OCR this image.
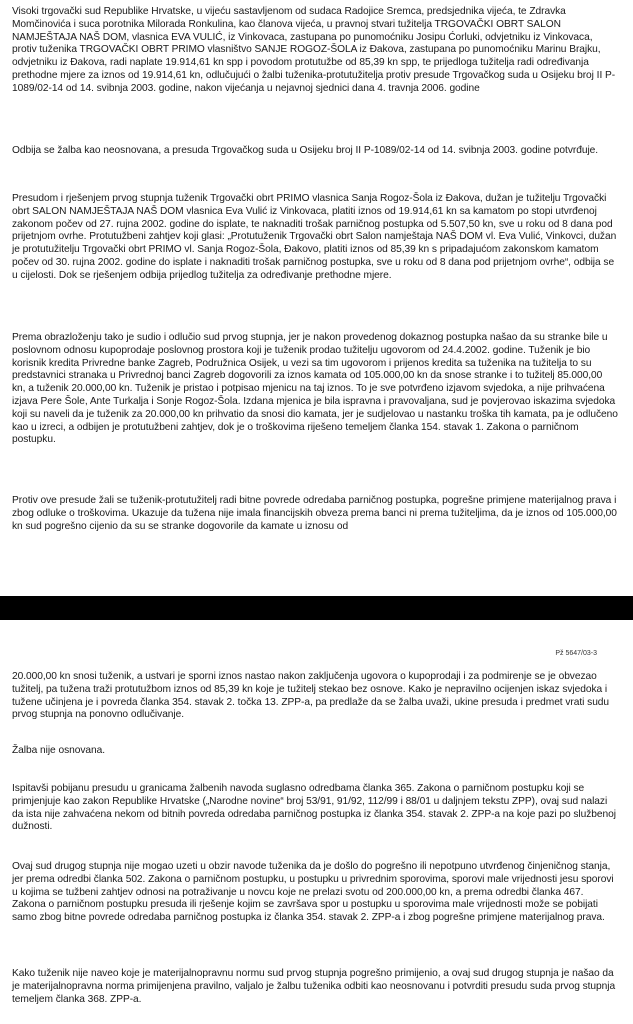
Visoki trgovački sud Republike Hrvatske, u vijeću sastavljenom od sudaca Radojice Sremca, predsjednika vijeća, te Zdravka Momčinovića i suca porotnika Milorada Ronkulina, kao članova vijeća, u pravnoj stvari tužitelja TRGOVAČKI OBRT SALON NAMJEŠTAJA NAŠ DOM, vlasnica EVA VULIĆ, iz Vinkovaca, zastupana po punomoćniku Josipu Ćorluki, odvjetniku iz Vinkovaca, protiv tuženika TRGOVAČKI OBRT PRIMO vlasništvo SANJE ROGOZ-ŠOLA iz Đakova, zastupana po punomoćniku Marinu Brajku, odvjetniku iz Đakova, radi naplate 19.914,61 kn spp i povodom protutužbe od 85,39 kn spp, te prijedloga tužitelja radi određivanja prethodne mjere za iznos od 19.914,61 kn, odlučujući o žalbi tuženika-protutužitelja protiv presude Trgovačkog suda u Osijeku broj II P-1089/02-14 od 14. svibnja 2003. godine, nakon vijećanja u nejavnoj sjednici dana 4. travnja 2006. godine

Odbija se žalba kao neosnovana, a presuda Trgovačkog suda u Osijeku broj II P-1089/02-14 od 14. svibnja 2003. godine potvrđuje.

Presudom i rješenjem prvog stupnja tuženik Trgovački obrt PRIMO vlasnica Sanja Rogoz-Šola iz Đakova, dužan je tužitelju Trgovački obrt SALON NAMJEŠTAJA NAŠ DOM vlasnica Eva Vulić iz Vinkovaca, platiti iznos od 19.914,61 kn sa kamatom po stopi utvrđenoj zakonom počev od 27. rujna 2002. godine do isplate, te naknaditi trošak parničnog postupka od 5.507,50 kn, sve u roku od 8 dana pod prijetnjom ovrhe. Protutužbeni zahtjev koji glasi: „Protutuženik Trgovački obrt Salon namještaja NAŠ DOM vl. Eva Vulić, Vinkovci, dužan je protutužitelju Trgovački obrt PRIMO vl. Sanja Rogoz-Šola, Đakovo, platiti iznos od 85,39 kn s pripadajućom zakonskom kamatom počev od 30. rujna 2002. godine do isplate i naknaditi trošak parničnog postupka, sve u roku od 8 dana pod prijetnjom ovrhe“, odbija se u cijelosti. Dok se rješenjem odbija prijedlog tužitelja za određivanje prethodne mjere.

Prema obrazloženju tako je sudio i odlučio sud prvog stupnja, jer je nakon provedenog dokaznog postupka našao da su stranke bile u poslovnom odnosu kupoprodaje poslovnog prostora koji je tuženik prodao tužitelju ugovorom od 24.4.2002. godine. Tuženik je bio korisnik kredita Privredne banke Zagreb, Podružnica Osijek, u vezi sa tim ugovorom i prijenos kredita sa tuženika na tužitelja to su predstavnici stranaka u Privrednoj banci Zagreb dogovorili za iznos kamata od 105.000,00 kn da snose stranke i to tužitelj 85.000,00 kn, a tuženik 20.000,00 kn. Tuženik je pristao i potpisao mjenicu na taj iznos. To je sve potvrđeno izjavom svjedoka, a nije prihvaćena izjava Pere Šole, Ante Turkalja i Sonje Rogoz-Šola. Izdana mjenica je bila ispravna i pravovaljana, sud je povjerovao iskazima svjedoka koji su naveli da je tuženik za 20.000,00 kn prihvatio da snosi dio kamata, jer je sudjelovao u nastanku troška tih kamata, pa je odlučeno kao u izreci, a odbijen je protutužbeni zahtjev, dok je o troškovima riješeno temeljem članka 154. stavak 1. Zakona o parničnom postupku.

Protiv ove presude žali se tuženik-protutužitelj radi bitne povrede odredaba parničnog postupka, pogrešne primjene materijalnog prava i zbog odluke o troškovima. Ukazuje da tužena nije imala financijskih obveza prema banci ni prema tužiteljima, da je iznos od 105.000,00 kn sud pogrešno cijenio da su se stranke dogovorile da kamate u iznosu od

Pž 5647/03-3

20.000,00 kn snosi tuženik, a ustvari je sporni iznos nastao nakon zaključenja ugovora o kupoprodaji i za podmirenje se je obvezao tužitelj, pa tužena traži protutužbom iznos od 85,39 kn koje je tužitelj stekao bez osnove. Kako je nepravilno ocijenjen iskaz svjedoka i tužene učinjena je i povreda članka 354. stavak 2. točka 13. ZPP-a, pa predlaže da se žalba uvaži, ukine presuda i predmet vrati sudu prvog stupnja na ponovno odlučivanje.

Žalba nije osnovana.

Ispitavši pobijanu presudu u granicama žalbenih navoda suglasno odredbama članka 365. Zakona o parničnom postupku koji se primjenjuje kao zakon Republike Hrvatske („Narodne novine“ broj 53/91, 91/92, 112/99 i 88/01 u daljnjem tekstu ZPP), ovaj sud nalazi da ista nije zahvaćena nekom od bitnih povreda odredaba parničnog postupka iz članka 354. stavak 2. ZPP-a na koje pazi po službenoj dužnosti.

Ovaj sud drugog stupnja nije mogao uzeti u obzir navode tuženika da je došlo do pogrešno ili nepotpuno utvrđenog činjeničnog stanja, jer prema odredbi članka 502. Zakona o parničnom postupku, u postupku u privrednim sporovima, sporovi male vrijednosti jesu sporovi u kojima se tužbeni zahtjev odnosi na potraživanje u novcu koje ne prelazi svotu od 200.000,00 kn, a prema odredbi članka 467. Zakona o parničnom postupku presuda ili rješenje kojim se završava spor u postupku u sporovima male vrijednosti može se pobijati samo zbog bitne povrede odredaba parničnog postupka iz članka 354. stavak 2. ZPP-a i zbog pogrešne primjene materijalnog prava.

Kako tuženik nije naveo koje je materijalnopravnu normu sud prvog stupnja pogrešno primijenio, a ovaj sud drugog stupnja je našao da je materijalnopravna norma primijenjena pravilno, valjalo je žalbu tuženika odbiti kao neosnovanu i potvrditi presudu suda prvog stupnja temeljem članka 368. ZPP-a.
